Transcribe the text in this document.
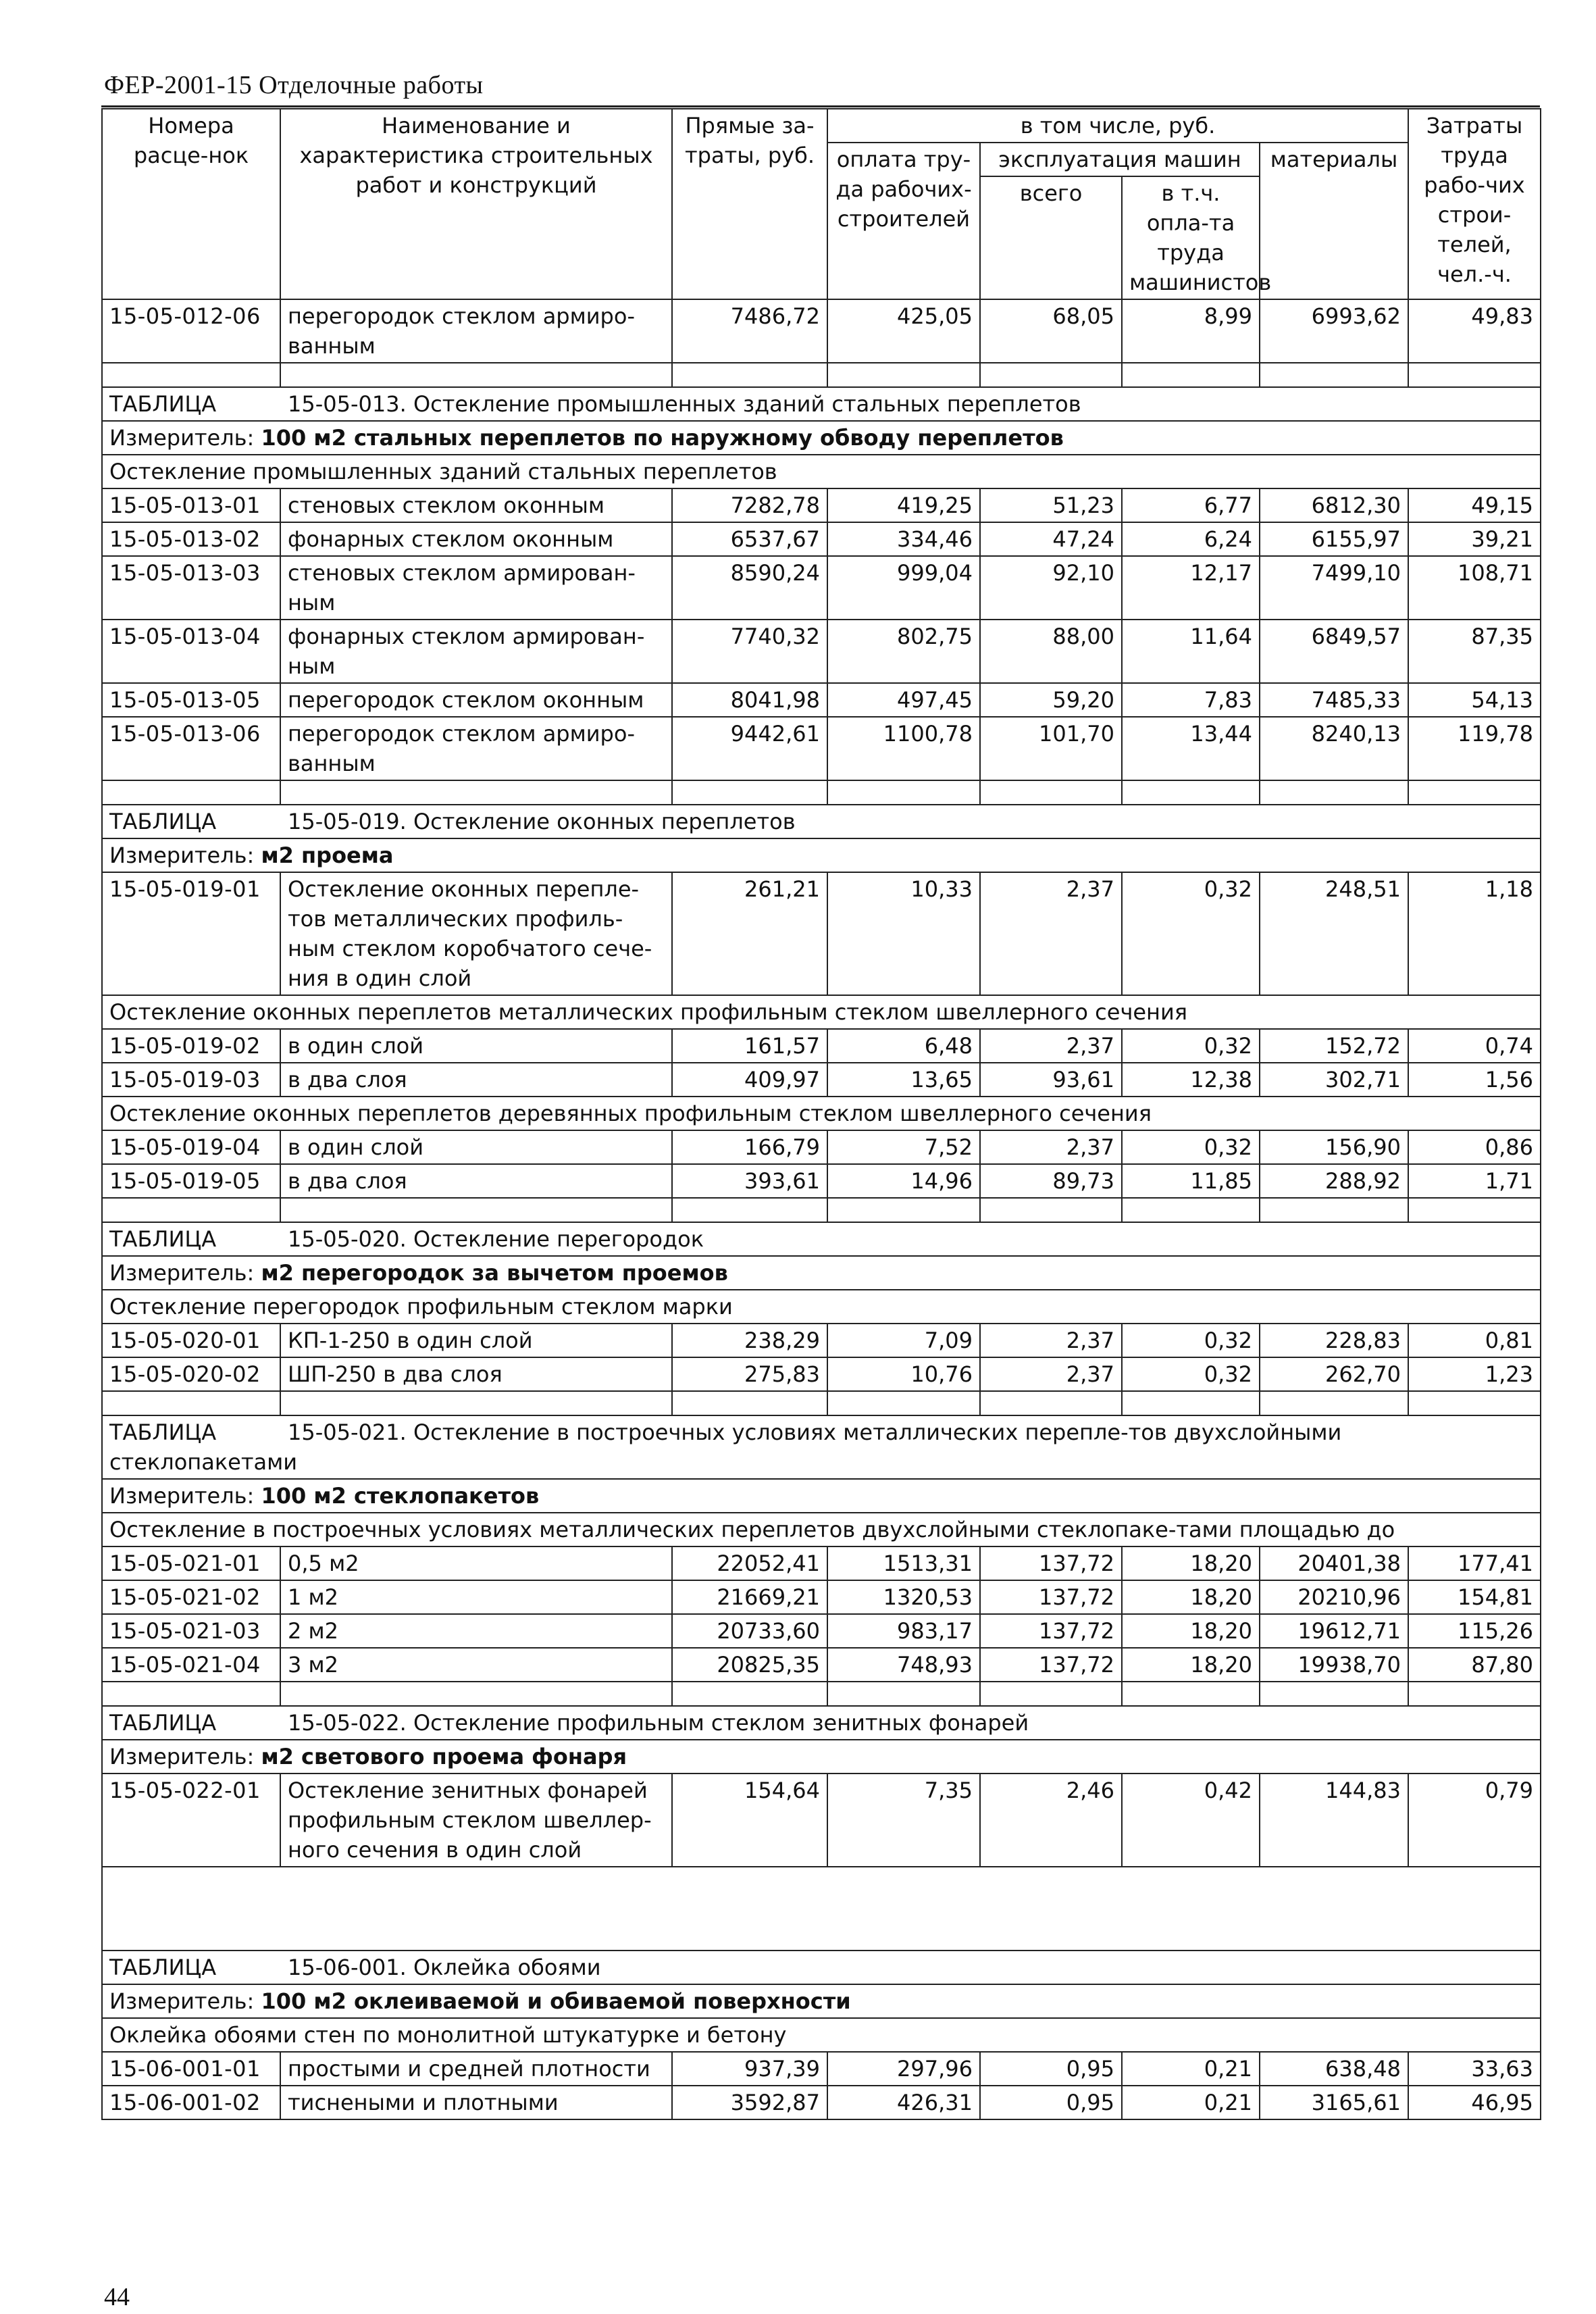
ФЕР-2001-15 Отделочные работы
Номера расце-нок	Наименование и характеристика строительных работ и конструкций	Прямые за-траты, руб.	в том числе, руб.				Затраты труда рабо-чих строи-телей, чел.-ч.
			оплата тру-да рабочих-строителей	эксплуатация машин		материалы	
				всего	в т.ч. опла-та труда машинистов		
15-05-012-06	перегородок стеклом армиро-ванным	7486,72	425,05	68,05	8,99	6993,62	49,83

ТАБЛИЦА 15-05-013. Остекление промышленных зданий стальных переплетов							
Измеритель: 100 м2 стальных переплетов по наружному обводу переплетов							
Остекление промышленных зданий стальных переплетов							
15-05-013-01	стеновых стеклом оконным	7282,78	419,25	51,23	6,77	6812,30	49,15
15-05-013-02	фонарных стеклом оконным	6537,67	334,46	47,24	6,24	6155,97	39,21
15-05-013-03	стеновых стеклом армирован-ным	8590,24	999,04	92,10	12,17	7499,10	108,71
15-05-013-04	фонарных стеклом армирован-ным	7740,32	802,75	88,00	11,64	6849,57	87,35
15-05-013-05	перегородок стеклом оконным	8041,98	497,45	59,20	7,83	7485,33	54,13
15-05-013-06	перегородок стеклом армиро-ванным	9442,61	1100,78	101,70	13,44	8240,13	119,78

ТАБЛИЦА 15-05-019. Остекление оконных переплетов							
Измеритель: м2 проема							
15-05-019-01	Остекление оконных перепле-тов металлических профиль-ным стеклом коробчатого сече-ния в один слой	261,21	10,33	2,37	0,32	248,51	1,18
Остекление оконных переплетов металлических профильным стеклом швеллерного сечения							
15-05-019-02	в один слой	161,57	6,48	2,37	0,32	152,72	0,74
15-05-019-03	в два слоя	409,97	13,65	93,61	12,38	302,71	1,56
Остекление оконных переплетов деревянных профильным стеклом швеллерного сечения							
15-05-019-04	в один слой	166,79	7,52	2,37	0,32	156,90	0,86
15-05-019-05	в два слоя	393,61	14,96	89,73	11,85	288,92	1,71

ТАБЛИЦА 15-05-020. Остекление перегородок							
Измеритель: м2 перегородок за вычетом проемов							
Остекление перегородок профильным стеклом марки							
15-05-020-01	КП-1-250 в один слой	238,29	7,09	2,37	0,32	228,83	0,81
15-05-020-02	ШП-250 в два слоя	275,83	10,76	2,37	0,32	262,70	1,23

ТАБЛИЦА 15-05-021. Остекление в построечных условиях металлических перепле-тов двухслойными стеклопакетами							
Измеритель: 100 м2 стеклопакетов							
Остекление в построечных условиях металлических переплетов двухслойными стеклопаке-тами площадью до							
15-05-021-01	0,5 м2	22052,41	1513,31	137,72	18,20	20401,38	177,41
15-05-021-02	1 м2	21669,21	1320,53	137,72	18,20	20210,96	154,81
15-05-021-03	2 м2	20733,60	983,17	137,72	18,20	19612,71	115,26
15-05-021-04	3 м2	20825,35	748,93	137,72	18,20	19938,70	87,80

ТАБЛИЦА 15-05-022. Остекление профильным стеклом зенитных фонарей							
Измеритель: м2 светового проема фонаря							
15-05-022-01	Остекление зенитных фонарей профильным стеклом швеллер-ного сечения в один слой	154,64	7,35	2,46	0,42	144,83	0,79

ТАБЛИЦА 15-06-001. Оклейка обоями							
Измеритель: 100 м2 оклеиваемой и обиваемой поверхности							
Оклейка обоями стен по монолитной штукатурке и бетону							
15-06-001-01	простыми и средней плотности	937,39	297,96	0,95	0,21	638,48	33,63
15-06-001-02	тиснеными и плотными	3592,87	426,31	0,95	0,21	3165,61	46,95
44
